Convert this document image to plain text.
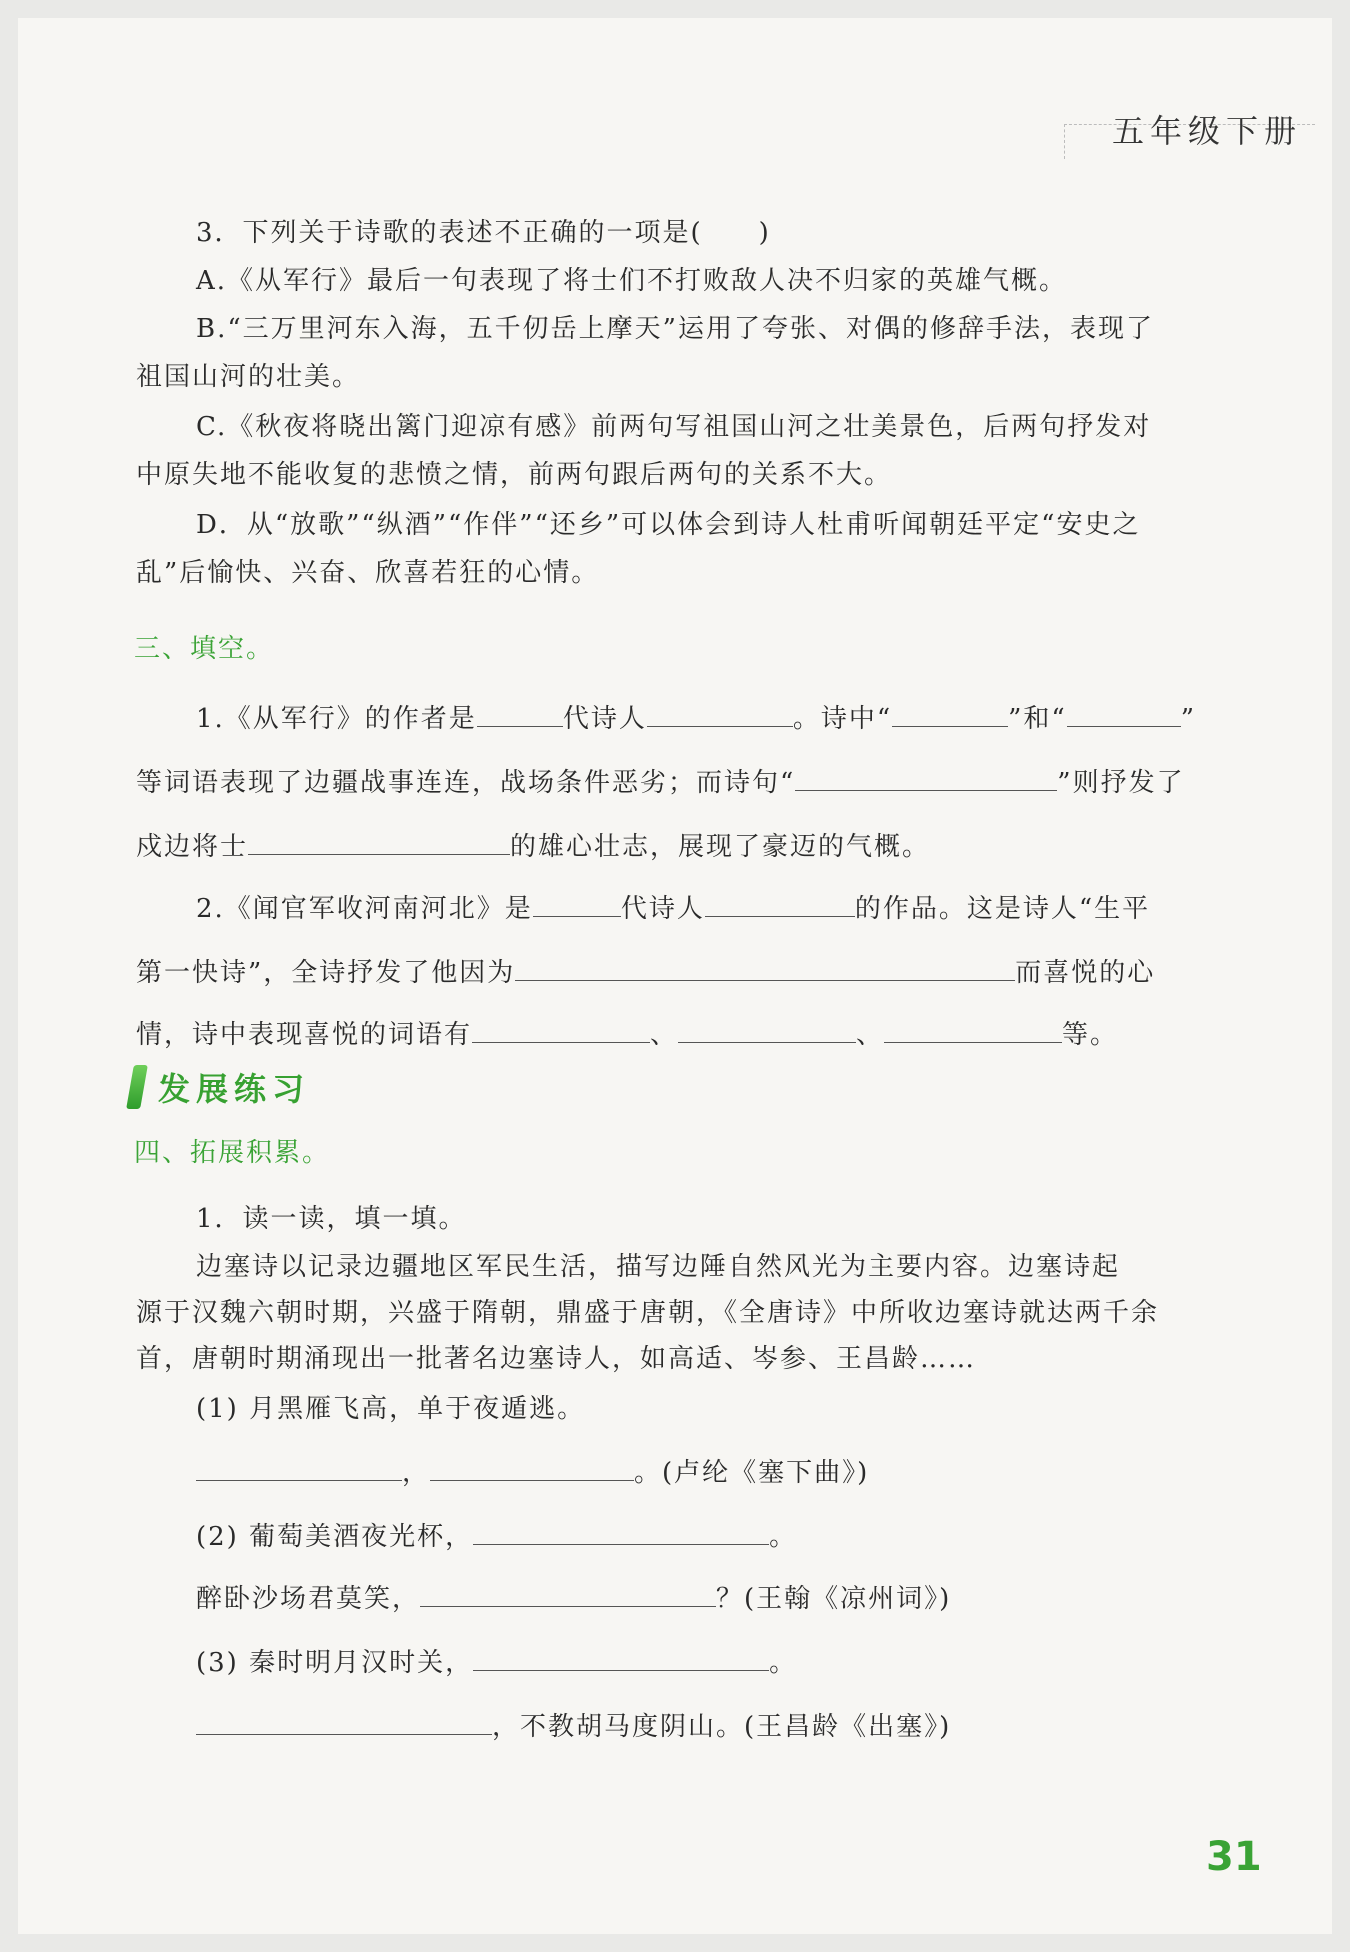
五年级下册
3．下列关于诗歌的表述不正确的一项是(　　)
A.《从军行》最后一句表现了将士们不打败敌人决不归家的英雄气概。
B.“三万里河东入海，五千仞岳上摩天”运用了夸张、对偶的修辞手法，表现了
祖国山河的壮美。
C.《秋夜将晓出篱门迎凉有感》前两句写祖国山河之壮美景色，后两句抒发对
中原失地不能收复的悲愤之情，前两句跟后两句的关系不大。
D．从“放歌”“纵酒”“作伴”“还乡”可以体会到诗人杜甫听闻朝廷平定“安史之
乱”后愉快、兴奋、欣喜若狂的心情。
三、填空。
1.《从军行》的作者是	代诗人	。诗中“	”和“	”
等词语表现了边疆战事连连，战场条件恶劣；而诗句“	”则抒发了
戍边将士	的雄心壮志，展现了豪迈的气概。
2.《闻官军收河南河北》是	代诗人	的作品。这是诗人“生平
第一快诗”，全诗抒发了他因为	而喜悦的心
情，诗中表现喜悦的词语有	、	、	等。
发展练习
四、拓展积累。
1．读一读，填一填。
边塞诗以记录边疆地区军民生活，描写边陲自然风光为主要内容。边塞诗起
源于汉魏六朝时期，兴盛于隋朝，鼎盛于唐朝，《全唐诗》中所收边塞诗就达两千余
首，唐朝时期涌现出一批著名边塞诗人，如高适、岑参、王昌龄……
(1) 月黑雁飞高，单于夜遁逃。
，	。(卢纶《塞下曲》)
(2) 葡萄美酒夜光杯，	。
醉卧沙场君莫笑，	？(王翰《凉州词》)
(3) 秦时明月汉时关，	。
，不教胡马度阴山。(王昌龄《出塞》)
31
